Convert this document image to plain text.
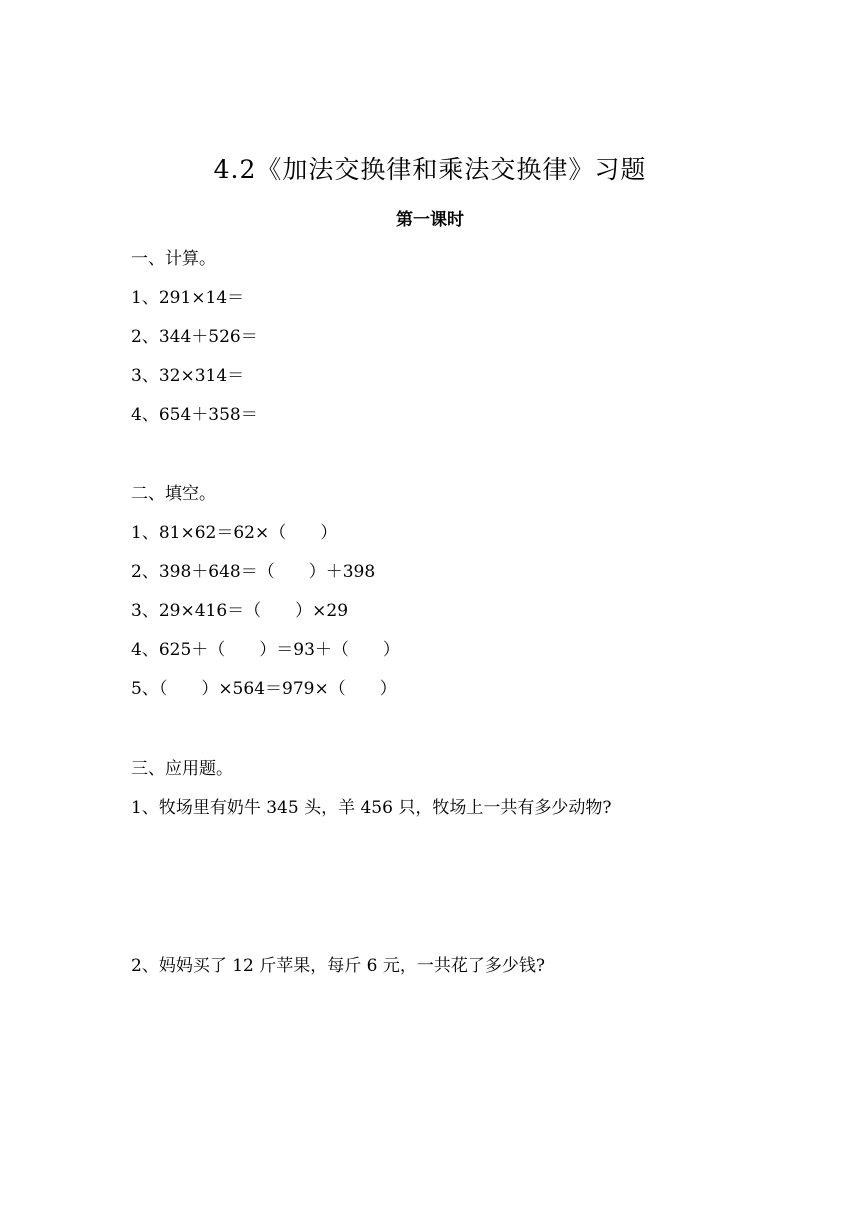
4.2《加法交换律和乘法交换律》习题
第一课时
一、计算。
1、291×14＝
2、344＋526＝
3、32×314＝
4、654＋358＝
二、填空。
1、81×62＝62×（　　）
2、398＋648＝（　　）＋398
3、29×416＝（　　）×29
4、625＋（　　）＝93＋（　　）
5、（　　）×564＝979×（　　）
三、应用题。
1、牧场里有奶牛 345 头，羊 456 只，牧场上一共有多少动物?
2、妈妈买了 12 斤苹果，每斤 6 元，一共花了多少钱?
